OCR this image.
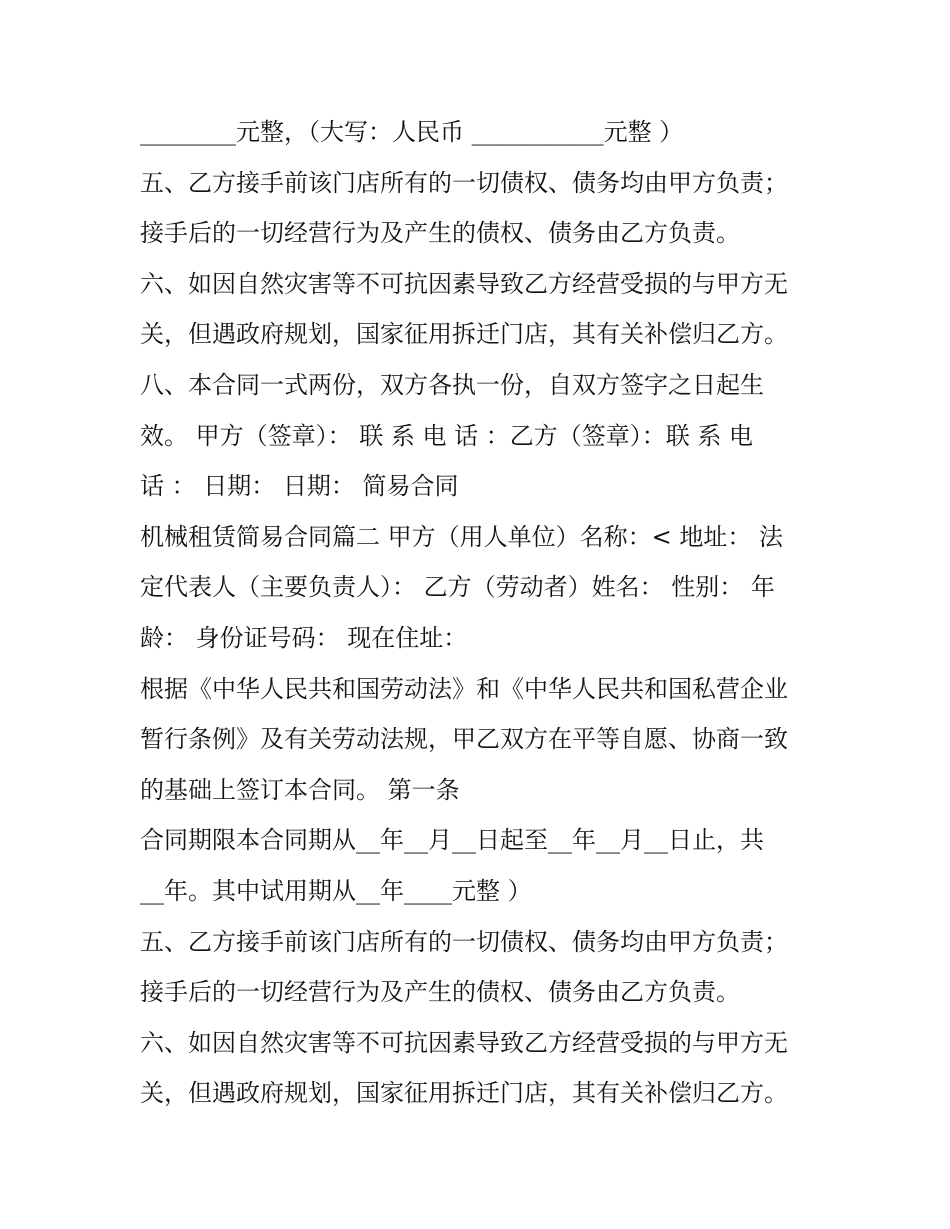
________元整，（大写：人民币 ___________元整 ）
五、乙方接手前该门店所有的一切债权、债务均由甲方负责；
接手后的一切经营行为及产生的债权、债务由乙方负责。
六、如因自然灾害等不可抗因素导致乙方经营受损的与甲方无
关，但遇政府规划，国家征用拆迁门店，其有关补偿归乙方。
八、本合同一式两份，双方各执一份，自双方签字之日起生
效。 甲方（签章）： 联 系 电 话 ：乙方（签章）：联 系 电
话 ： 日期： 日期： 简易合同
机械租赁简易合同篇二 甲方（用人单位）名称：< 地址： 法
定代表人（主要负责人）： 乙方（劳动者）姓名： 性别： 年
龄： 身份证号码： 现在住址：
根据《中华人民共和国劳动法》和《中华人民共和国私营企业
暂行条例》及有关劳动法规，甲乙双方在平等自愿、协商一致
的基础上签订本合同。 第一条
合同期限本合同期从__年__月__日起至__年__月__日止，共
__年。其中试用期从__年____元整 ）
五、乙方接手前该门店所有的一切债权、债务均由甲方负责；
接手后的一切经营行为及产生的债权、债务由乙方负责。
六、如因自然灾害等不可抗因素导致乙方经营受损的与甲方无
关，但遇政府规划，国家征用拆迁门店，其有关补偿归乙方。
